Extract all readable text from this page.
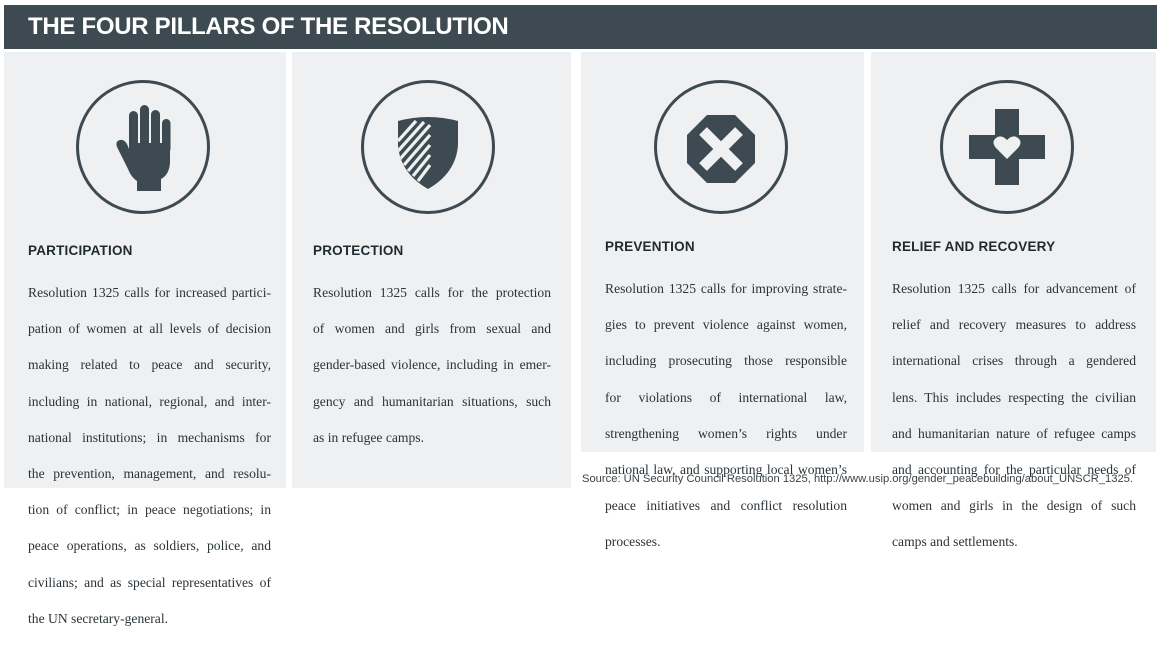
THE FOUR PILLARS OF THE RESOLUTION
PARTICIPATION

Resolution 1325 calls for increased partici-

pation of women at all levels of decision

making related to peace and security,

including in national, regional, and inter-

national institutions; in mechanisms for

the prevention, management, and resolu-

tion of conflict; in peace negotiations; in

peace operations, as soldiers, police, and

civilians; and as special representatives of

the UN secretary-general.

PROTECTION

Resolution 1325 calls for the protection

of women and girls from sexual and

gender-based violence, including in emer-

gency and humanitarian situations, such

as in refugee camps.

PREVENTION

Resolution 1325 calls for improving strate-

gies to prevent violence against women,

including prosecuting those responsible

for violations of international law,

strengthening women’s rights under

national law, and supporting local women’s

peace initiatives and conflict resolution

processes.

RELIEF AND RECOVERY

Resolution 1325 calls for advancement of

relief and recovery measures to address

international crises through a gendered

lens. This includes respecting the civilian

and humanitarian nature of refugee camps

and accounting for the particular needs of

women and girls in the design of such

camps and settlements.

Source: UN Security Council Resolution 1325, http://www.usip.org/gender_peacebuilding/about_UNSCR_1325.
